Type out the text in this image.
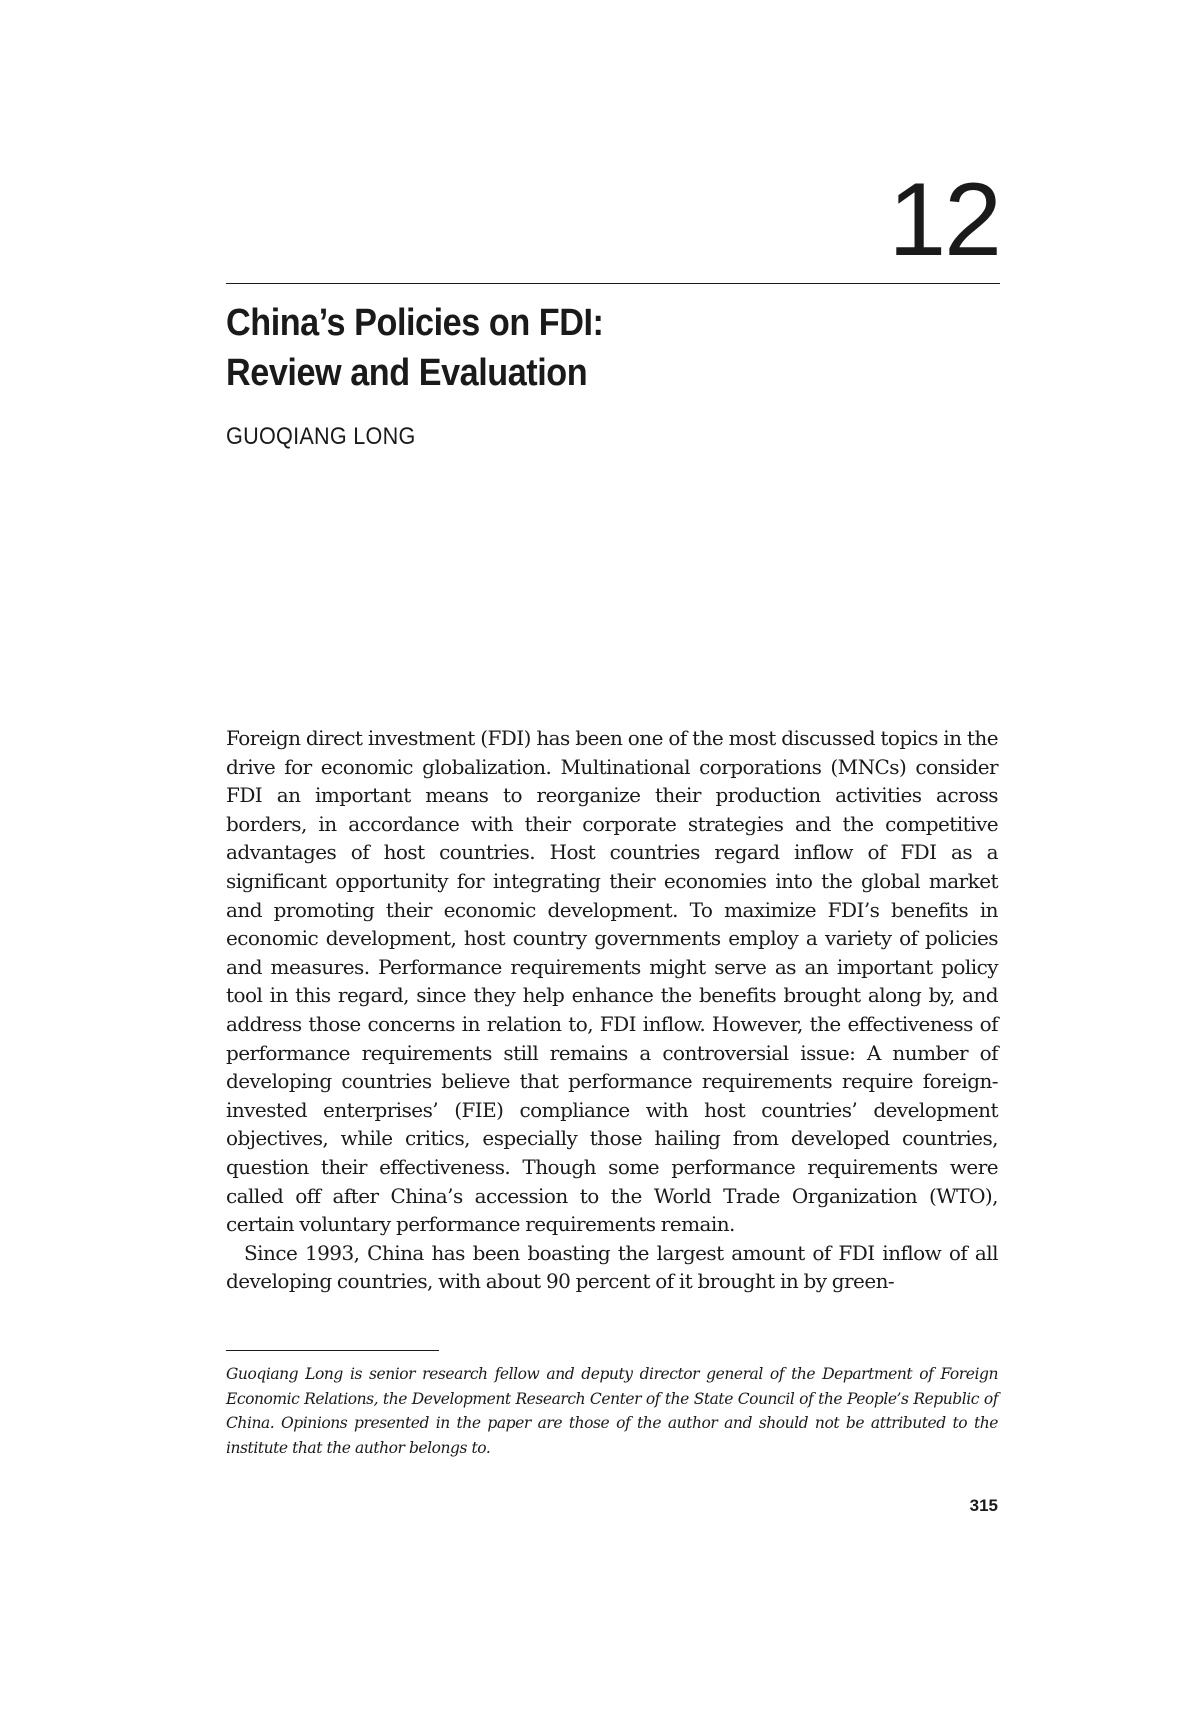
12
China’s Policies on FDI:
Review and Evaluation
GUOQIANG LONG

Foreign direct investment (FDI) has been one of the most discussed topics in the drive for economic globalization. Multinational corporations (MNCs) consider FDI an important means to reorganize their production activities across borders, in accordance with their corporate strategies and the competitive advantages of host countries. Host countries regard inflow of FDI as a significant opportunity for integrating their economies into the global market and promoting their economic development. To maximize FDI’s benefits in economic development, host country governments employ a variety of policies and measures. Performance requirements might serve as an important policy tool in this regard, since they help enhance the benefits brought along by, and address those concerns in relation to, FDI inflow. However, the effectiveness of performance requirements still remains a controversial issue: A number of developing countries believe that performance requirements require foreign-invested enterprises’ (FIE) compliance with host countries’ development objectives, while critics, especially those hailing from developed countries, question their effectiveness. Though some performance requirements were called off after China’s accession to the World Trade Organization (WTO), certain voluntary performance requirements remain.

Since 1993, China has been boasting the largest amount of FDI inflow of all developing countries, with about 90 percent of it brought in by green-

Guoqiang Long is senior research fellow and deputy director general of the Department of Foreign Economic Relations, the Development Research Center of the State Council of the People’s Republic of China. Opinions presented in the paper are those of the author and should not be attributed to the institute that the author belongs to.

315
